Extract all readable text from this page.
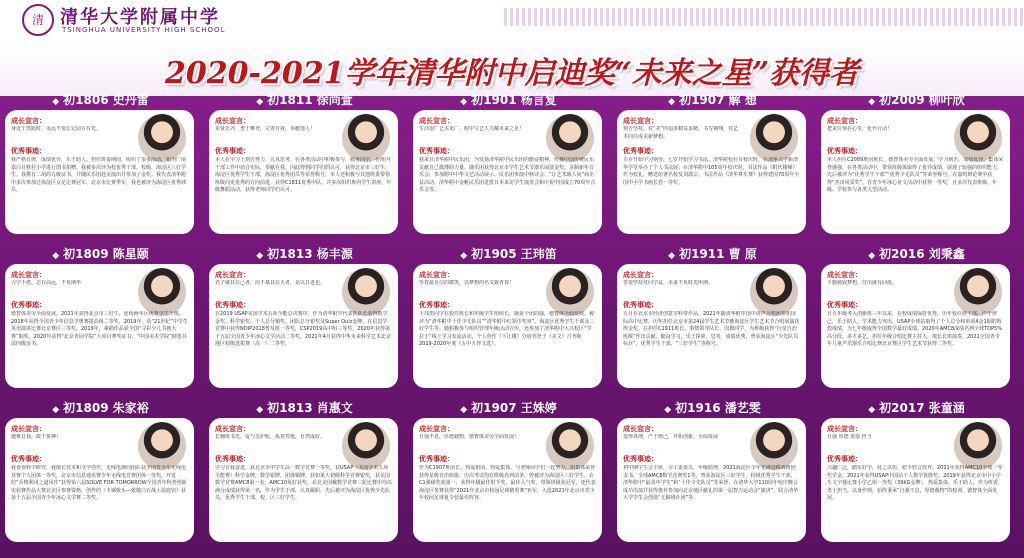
清 清华大学附属中学
TSINGHUA UNIVERSITY HIGH SCHOOL
2020-2021学年清华附中启迪奖“未来之星”获得者
◆ 初1806 史丹雷
成长宣言：
身处于黑暗时，永远不要忘记前方有光。
优秀事迹：
我严格自律，成绩优异，乐于助人。担任班委期间，组织了很多活动，如为广南嘉白目默村小学进行图书捐赠。我被多次评为校优秀干部、校级、海淀区三好学生。我携有二胡的九级证书，并随民乐团赴美演出并参加了金奖。我代表清华附中多次参加过海淀区女足比赛冠军、北京市比赛季军，我也被评为海淀区优秀球员。
◆ 初1811 徐尚萱
成长宣言：
见贤思齐，勇于攀登，完善自我，奉献他人！
优秀事迹：
本人在学习上刻苦努力，认真思考，在各类活动中积极参与，服务同学，在班内干部工作中切合实际，奉献在我。因此得到同学们的认可，获得北京市三好生，海淀区优秀学生干部，海淀区优秀团员等荣誉称号。本人还积极与其他班委带领班级向更优秀的方向前进，获得C1811优秀中队，并多次组织班内学生讲座，年级舞蹈活动，获得老师同学们认可。
◆ 初1901 杨言复
成长宣言：
生活很广艺术更广，附中文艺人兴耀未来之星！
优秀事迹：
我来自清华附中民乐团，为发扬清华附中民乐团的勤奋精神、传播中国传统民乐贡献自己微薄的力量。随乐团获得北京市学生艺术节器乐展演金奖、录制新年音乐会、参加附中中华文艺活动展示、民乐团参演中秋诗会、“让艺术璀人间”商企益活动，清华附中金帆民乐团进排日本来访学生演奏会和庆祝中国成立70周年音乐会等。
◆ 初1907 解 想
成长宣言：
刻苦坚持，对“美”的追求精益求精，书写翱翔，对艺术向往成美新梦想。
优秀事迹：
五岁开始学习钢琴，七岁开始学习书法。清华附校在有校庆时，在清华大学新清华学堂举办了个人书法展；在清华附中105周年校庆时，书法作品《附代楼梯》作为校礼，赠送给著名校友刘潇宗。书法作品《清华赛车赛》获得建国70周年全国中小学书画长卷一等奖。
◆ 初2009 柳叶欣
成长宣言：
把责任刻在心里，化作行动！
优秀事迹：
本人担任C2009班团班长，德智体美劳全面发展，学习刻苦，成绩优异。集体荣誉感强，在各类活动中，带领班级体取得了优异成绩，展现了较强的组织能力。先后被评为“优秀学生干部”“优秀少先队员”等荣誉称号，在嘉鸣辩论赛中获得“杰出风采奖”，在青少年冰心征文活动中获得一等奖，且多次代表班级、年级、学校参与各类大型活动。
◆ 初1809 陈星颐
成长宣言：
力学不倦，志存高远，不负期华
优秀事迹：
德智体美劳全面发展。2021年获得北京市三好生，连续两年区优秀学生干部。2018年获得全国青少年信息学奥赛提高组二等奖，2019年，获“21世纪”中学生英语演讲比赛北京赛区三等奖。2019年，素描作品获全国“寻彩少儿书画大赛”铜奖。2020年获得“北京青园学院”大项目赛奖证书、“中国美术学院”钢笔书法四级证书。
◆ 初1813 杨丰源
成长宣言：
君子敏其在己者，而不慕其在天者，是以日进也。
优秀事迹：
在2019 USAP美国学术五项全能总决赛中，作为清华附中代表队队长获得数学金奖、科学银奖、个人总分铜奖、团队总分银奖及Super Quiz金牌。在信息学竞赛中获得NOIP2018普及组一等奖，CSP2019高中组三等奖，2020年获得第十五届全国青少年冰心文学活动二等奖，2021年4月获得中华未来科学艺术北京地区校级选拔赛（高一）二等奖。
◆ 初1905 王玮笛
成长宣言：
等着最自信的微笑，以梦想的名义致青春！
优秀事迹：
王玮笛同学在校任班长和年级学生组组长，她是个团的强，德智体全面发展。被评为“清华附中十佳少先队员”“清华附中红领巾奖章”、海淀区优秀学生干部及三好学生等。她积极参与组织管理年级活动宣传，还参加了清华附中大兴校区“学拉于”线上学习发流活动，个人创作《下江楼》分别刊登于《美文》月刊和2019-2020年度《五中五作文选》。
◆ 初1911 曹 原
成长宣言：
答要坚持对同学益，未来不负时光所期。
优秀事迹：
五月在北京市经济创意学科带作品，2021年随清华附中国中清声合唱团参加国际高中比赛，历年担任北京市第24届学生艺术节雅海淀区学生艺术节合唱展演获得金奖。在担任C1911班长、事情领导队长，国旗同学，为班级获得“行星自治班级”作出贡献。勤奋学习，乐于探索，思考，成绩优秀，曾获海淀区“少先队员标兵”、优秀学生干部、“三好学生”等称号。
◆ 初2016 刘秉鑫
成长宣言：
平勤骑驭梦想，付出就有回报。
优秀事迹：
自五年级考入创新班三年以来，在校成绩保持优秀，历年校任班干部，严于律己，乐于助人。学术能力突出，USAP全球站取得了个人总分和单项4金1铜的辉煌成绩，为七年级取得全国数学最好成绩，2020年AMC8成绩名列全球TOP5%高分段。多才多艺，担任年级合唱比赛主持人，擅长长笛演奏，2021全国青少年儿童声乐器乐合唱比赛北京赛区学生艺术节获得二等奖。
◆ 初1809 朱家裕
成长宣言：
越难自我，敢干拼搏！
优秀事迹：
我喜欢科学研究，我擅长技术和文学创作，无线电测向团队获全国青少年无线电竞赛个人团体一等奖，北京市信息通讯赛少年无线电竞赛团体一等奖，开发的“兵棋利用之道风作”获得第六届SOLVE FOR TOMORROW全国青年科普创新实验赛作品大赛北京区参赛资格，创作的《卡钢致头—致敬白衣战士温庭钧》获第十五届全国青少年冰心文学赛二等奖。
◆ 初1813 肖惠文
成长宣言：
长辅班书光，爱与念护航，执着答题，自然成好。
优秀事迹：
学习自我奋进，获北京市中学生高一数学竞赛一等奖，获USAP（美国学术五项全能赛）科学金牌，数学银牌，团体铜牌，获如果大初级科学竞赛银奖，获美国数学竞赛AMC8第一名，AMC10每好获奖，在北美国戴数学竞赛三轮比赛中均以满分成绩获得第一名，作为学生干部，认真履职，先后被评为海淀区优秀少先队员，优秀学生干部，校、区三好学生。
◆ 初1907 王姝婷
成长宣言：
自强不息，厚德载物，德智体美劳全面发展！
优秀事迹：
作为C1907班团长，热爱祖国，热爱集体，与老师同学们一起努力，组集体荣誉获得星级自治班级，历次考试均在班级名列前茅，曾被评为海淀区三好学生，在C1强级奖获第一、获得年级最佳射手奖，最佳人气奖，带领班级获冠军，还代表海淀区参赛获得“2021年北京市校园足球精英赛”亚军，入选2021年北京市青少年校园足球夏令营最佳阵容。
◆ 初1916 潘艺雯
成长宣言：
变得真理，严于律己，开拓创新，全面发展
优秀事迹：
初中期学生会主席，少工委委员，年级助理，2021海淀区少年先锋进模战树团支书，全球AMC8数学竞赛奖1等，曾获海淀区三好学生，校级优秀学生干部，清华附中“最美中学生”和“十佳少先队员”等荣誉，在清华大学110周年校庆晚会成功出演并获得推荐参加向北京地区献礼的第一届智力运动会“演讲”，联合清华大学学生会创设“无障碍社团”等。
◆ 初2017 张童涵
成长宣言：
自强 厚德 进取 担当
优秀事迹：
兴趣广泛，踏实好学，持之以恒，慰不轻言放弃。2021年获得AMC10全球一等奖学金，2021年获得USAP中国站个人数学优胜奖，2019年获得北京市中小学生文字谜比赛小学乙组一等奖（39KG金牌），热爱集体，乐于助人，作为班委，勇于担当，以身作则，始终秉承“自强不息，厚德载物”的校训，德智体全面发展。
